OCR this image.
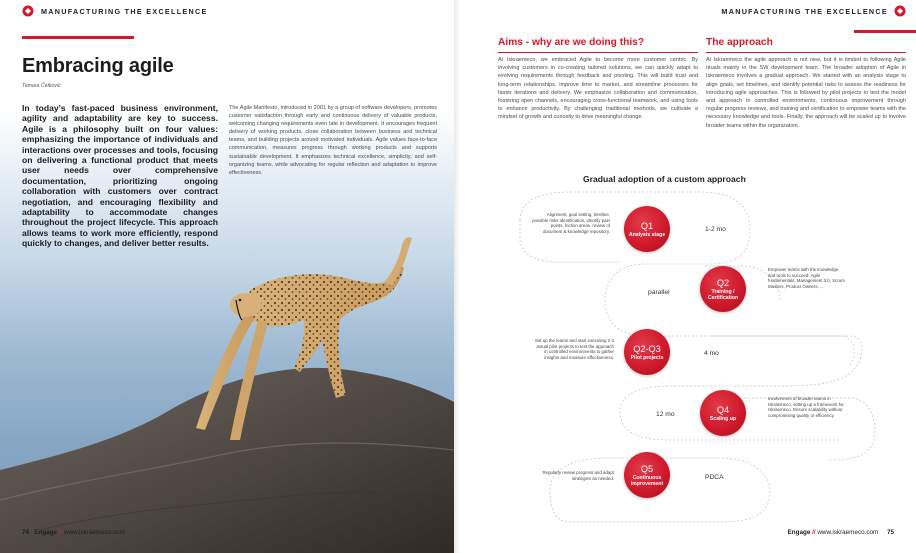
MANUFACTURING THE EXCELLENCE
Embracing agile
Tamara Ćetković
In today’s fast-paced business environment, agility and adaptability are key to success. Agile is a philosophy built on four values: emphasizing the importance of individuals and interactions over processes and tools, focusing on delivering a functional product that meets user needs over comprehensive documentation, prioritizing ongoing collaboration with customers over contract negotiation, and encouraging flexibility and adaptability to accommodate changes throughout the project lifecycle. This approach allows teams to work more efficiently, respond quickly to changes, and deliver better results.
The Agile Manifesto, introduced in 2001 by a group of software developers, promotes customer satisfaction through early and continuous delivery of valuable products, welcoming changing requirements even late in development. It encourages frequent delivery of working products, close collaboration between business and technical teams, and building projects around motivated individuals. Agile values face-to-face communication, measures progress through working products and supports sustainable development. It emphasizes technical excellence, simplicity, and self-organizing teams, while advocating for regular reflection and adaptation to improve effectiveness.
74 Engage // www.iskraemeco.com
MANUFACTURING THE EXCELLENCE
Aims - why are we doing this?
At Iskraemeco, we embraced Agile to become more customer centric. By involving customers in co-creating tailored solutions, we can quickly adapt to evolving requirements through feedback and pivoting. This will build trust and long-term relationships, improve time to market, and streamline processes for faster iterations and delivery. We emphasize collaboration and communication, fostering open channels, encouraging cross-functional teamwork, and using tools to enhance productivity. By challenging traditional methods, we cultivate a mindset of growth and curiosity to drive meaningful change.
The approach
At Iskraemeco the agile approach is not new, but it is limited to following Agile rituals mainly in the SW development team. The broader adoption of Agile in Iskraemeco involves a gradual approach. We started with an analysis stage to align goals, set timelines, and identify potential risks to assess the readiness for introducing agile approaches. This is followed by pilot projects to test the model and approach in controlled environments, continuous improvement through regular progress reviews, and training and certification to empower teams with the necessary knowledge and tools. Finally, the approach will be scaled up to involve broader teams within the organization.
Engage // www.iskraemeco.com 75
Gradual adoption of a custom approach
Alignment, goal setting, timeline, possible risks identification, identify pain points, friction areas, review of document & knowledge repository.
Q1
Analysis stage
1-2 mo
parallel
Q2
Training / Certification
Empower teams with the knowledge and tools to succeed: Agile fundamentals, Management 3.0, Scrum Masters, Product Owners, ...
Set up the teams and start executing 2-3 actual pilot projects to test the approach in controlled environments to gather insights and measure effectiveness.
Q2-Q3
Pilot projects
4 mo
12 mo	Q4
Scaling up
Involvement of broader teams in Iskraemeco, setting up a framework for Iskraemeco. Ensure scalability without compromising quality or efficiency.
Regularly review progress and adapt strategies as needed.
Q5
Continuous improvement
PDCA
